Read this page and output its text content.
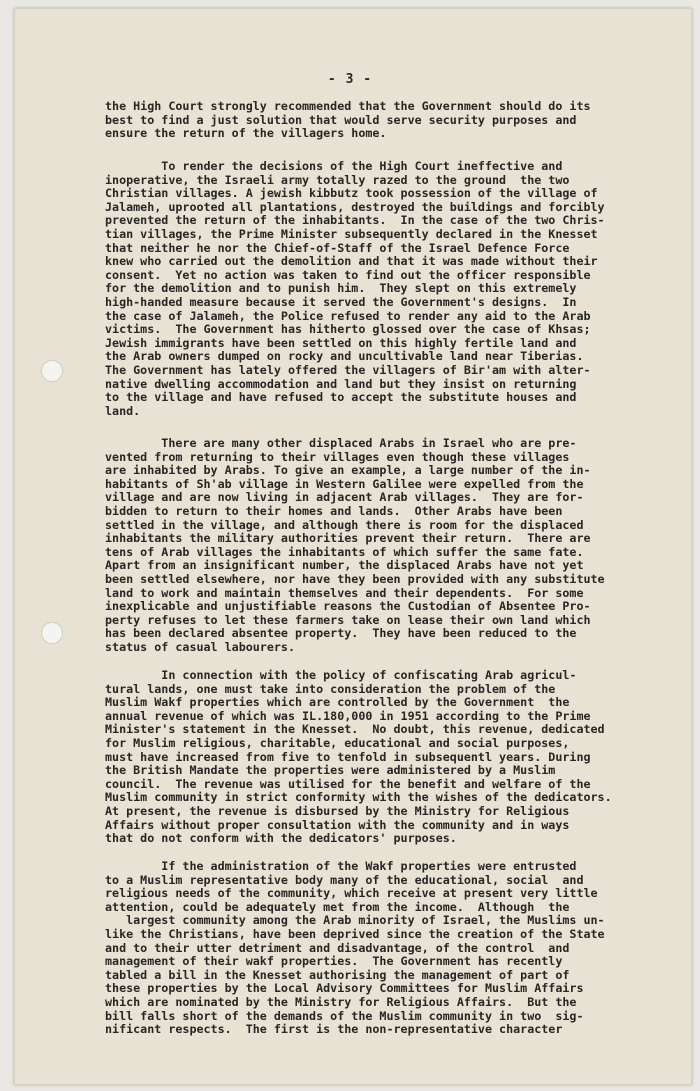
- 3 -
the High Court strongly recommended that the Government should do its
best to find a just solution that would serve security purposes and
ensure the return of the villagers home.
To render the decisions of the High Court ineffective and
inoperative, the Israeli army totally razed to the ground  the two
Christian villages. A jewish kibbutz took possession of the village of
Jalameh, uprooted all plantations, destroyed the buildings and forcibly
prevented the return of the inhabitants.  In the case of the two Chris-
tian villages, the Prime Minister subsequently declared in the Knesset
that neither he nor the Chief-of-Staff of the Israel Defence Force
knew who carried out the demolition and that it was made without their
consent.  Yet no action was taken to find out the officer responsible
for the demolition and to punish him.  They slept on this extremely
high-handed measure because it served the Government's designs.  In
the case of Jalameh, the Police refused to render any aid to the Arab
victims.  The Government has hitherto glossed over the case of Khsas;
Jewish immigrants have been settled on this highly fertile land and
the Arab owners dumped on rocky and uncultivable land near Tiberias.
The Government has lately offered the villagers of Bir'am with alter-
native dwelling accommodation and land but they insist on returning
to the village and have refused to accept the substitute houses and
land.
There are many other displaced Arabs in Israel who are pre-
vented from returning to their villages even though these villages
are inhabited by Arabs. To give an example, a large number of the in-
habitants of Sh'ab village in Western Galilee were expelled from the
village and are now living in adjacent Arab villages.  They are for-
bidden to return to their homes and lands.  Other Arabs have been
settled in the village, and although there is room for the displaced
inhabitants the military authorities prevent their return.  There are
tens of Arab villages the inhabitants of which suffer the same fate.
Apart from an insignificant number, the displaced Arabs have not yet
been settled elsewhere, nor have they been provided with any substitute
land to work and maintain themselves and their dependents.  For some
inexplicable and unjustifiable reasons the Custodian of Absentee Pro-
perty refuses to let these farmers take on lease their own land which
has been declared absentee property.  They have been reduced to the
status of casual labourers.
In connection with the policy of confiscating Arab agricul-
tural lands, one must take into consideration the problem of the
Muslim Wakf properties which are controlled by the Government  the
annual revenue of which was IL.180,000 in 1951 according to the Prime
Minister's statement in the Knesset.  No doubt, this revenue, dedicated
for Muslim religious, charitable, educational and social purposes,
must have increased from five to tenfold in subsequentl years. During
the British Mandate the properties were administered by a Muslim
council.  The revenue was utilised for the benefit and welfare of the
Muslim community in strict conformity with the wishes of the dedicators.
At present, the revenue is disbursed by the Ministry for Religious
Affairs without proper consultation with the community and in ways
that do not conform with the dedicators' purposes.
If the administration of the Wakf properties were entrusted
to a Muslim representative body many of the educational, social  and
religious needs of the community, which receive at present very little
attention, could be adequately met from the income.  Although  the
largest community among the Arab minority of Israel, the Muslims un-
like the Christians, have been deprived since the creation of the State
and to their utter detriment and disadvantage, of the control  and
management of their wakf properties.  The Government has recently
tabled a bill in the Knesset authorising the management of part of
these properties by the Local Advisory Committees for Muslim Affairs
which are nominated by the Ministry for Religious Affairs.  But the
bill falls short of the demands of the Muslim community in two  sig-
nificant respects.  The first is the non-representative character
